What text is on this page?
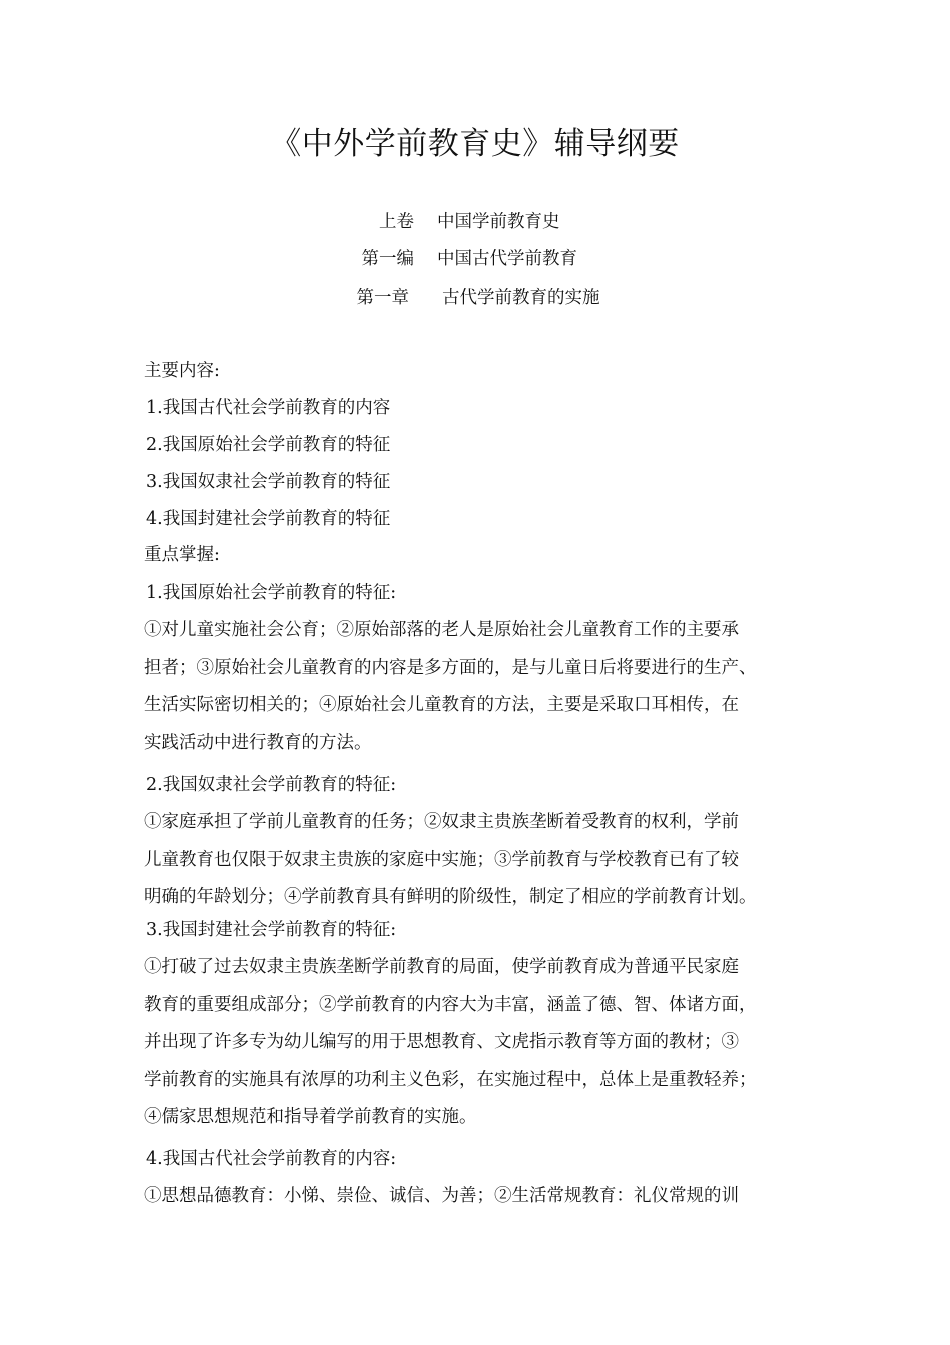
《中外学前教育史》辅导纲要
上卷 中国学前教育史
第一编 中国古代学前教育
第一章 古代学前教育的实施
主要内容:
1.我国古代社会学前教育的内容
2.我国原始社会学前教育的特征
3.我国奴隶社会学前教育的特征
4.我国封建社会学前教育的特征
重点掌握:
1.我国原始社会学前教育的特征:
①对儿童实施社会公育；②原始部落的老人是原始社会儿童教育工作的主要承
担者；③原始社会儿童教育的内容是多方面的，是与儿童日后将要进行的生产、
生活实际密切相关的；④原始社会儿童教育的方法，主要是采取口耳相传，在
实践活动中进行教育的方法。
2.我国奴隶社会学前教育的特征:
①家庭承担了学前儿童教育的任务；②奴隶主贵族垄断着受教育的权利，学前
儿童教育也仅限于奴隶主贵族的家庭中实施；③学前教育与学校教育已有了较
明确的年龄划分；④学前教育具有鲜明的阶级性，制定了相应的学前教育计划。
3.我国封建社会学前教育的特征:
①打破了过去奴隶主贵族垄断学前教育的局面，使学前教育成为普通平民家庭
教育的重要组成部分；②学前教育的内容大为丰富，涵盖了德、智、体诸方面，
并出现了许多专为幼儿编写的用于思想教育、文虎指示教育等方面的教材；③
学前教育的实施具有浓厚的功利主义色彩，在实施过程中，总体上是重教轻养；
④儒家思想规范和指导着学前教育的实施。
4.我国古代社会学前教育的内容:
①思想品德教育：小悌、崇俭、诚信、为善；②生活常规教育：礼仪常规的训
